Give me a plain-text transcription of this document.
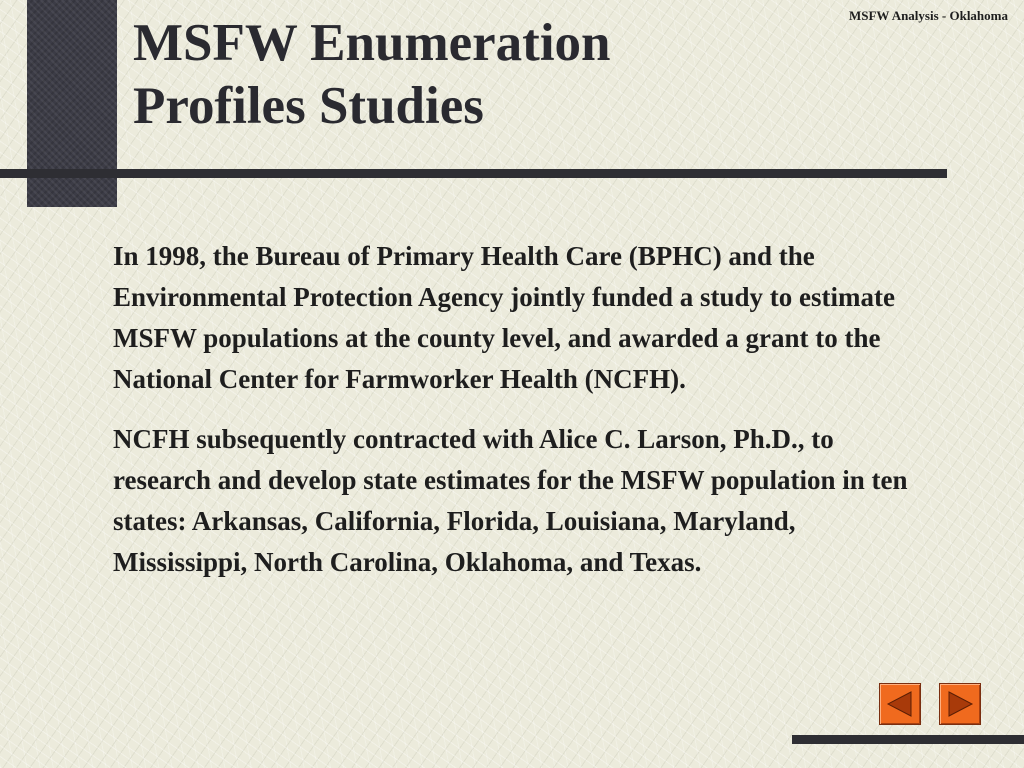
MSFW Analysis - Oklahoma
MSFW Enumeration
Profiles Studies

In 1998, the Bureau of Primary Health Care (BPHC) and the Environmental Protection Agency jointly funded a study to estimate MSFW populations at the county level, and awarded a grant to the National Center for Farmworker Health (NCFH).

NCFH subsequently contracted with Alice C. Larson, Ph.D., to research and develop state estimates for the MSFW population in ten states: Arkansas, California, Florida, Louisiana, Maryland, Mississippi, North Carolina, Oklahoma, and Texas.
